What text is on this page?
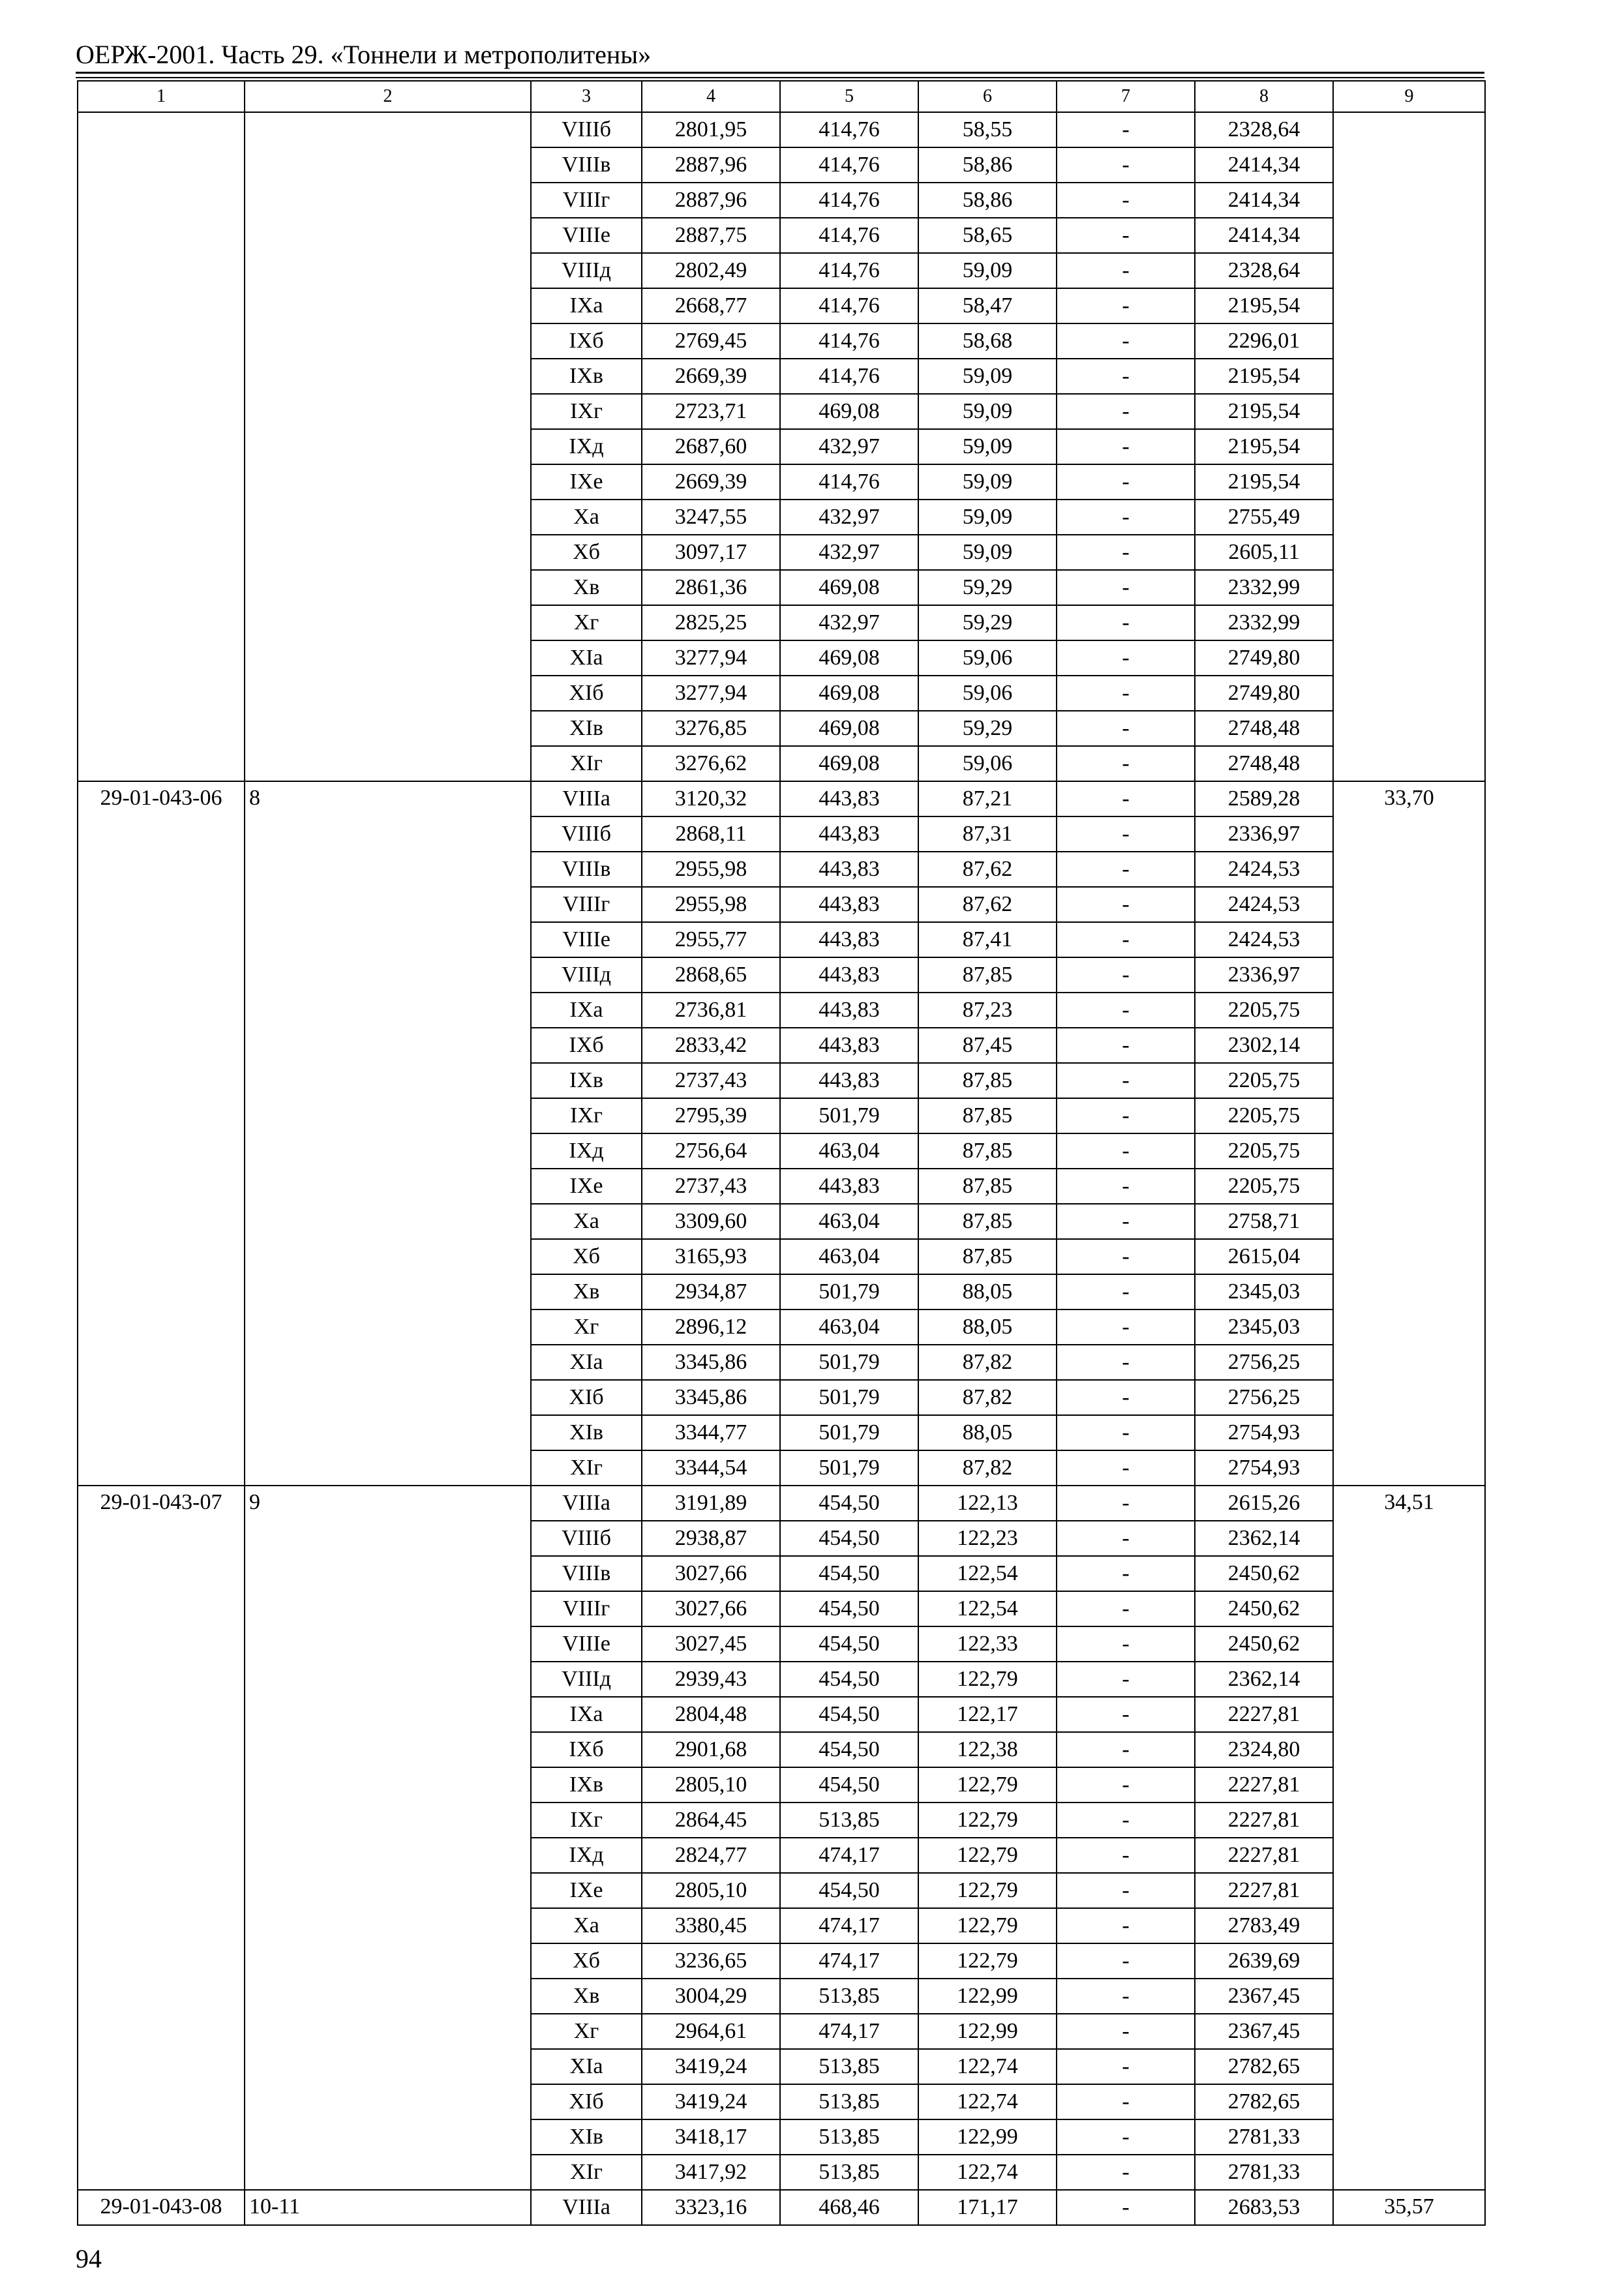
ОЕРЖ-2001. Часть 29. «Тоннели и метрополитены»
1	2	3	4	5	6	7	8	9
		VIIIб	2801,95	414,76	58,55	-	2328,64	
		VIIIв	2887,96	414,76	58,86	-	2414,34	
		VIIIг	2887,96	414,76	58,86	-	2414,34	
		VIIIе	2887,75	414,76	58,65	-	2414,34	
		VIIIд	2802,49	414,76	59,09	-	2328,64	
		IXа	2668,77	414,76	58,47	-	2195,54	
		IXб	2769,45	414,76	58,68	-	2296,01	
		IXв	2669,39	414,76	59,09	-	2195,54	
		IXг	2723,71	469,08	59,09	-	2195,54	
		IXд	2687,60	432,97	59,09	-	2195,54	
		IXе	2669,39	414,76	59,09	-	2195,54	
		Xа	3247,55	432,97	59,09	-	2755,49	
		Xб	3097,17	432,97	59,09	-	2605,11	
		Xв	2861,36	469,08	59,29	-	2332,99	
		Xг	2825,25	432,97	59,29	-	2332,99	
		XIа	3277,94	469,08	59,06	-	2749,80	
		XIб	3277,94	469,08	59,06	-	2749,80	
		XIв	3276,85	469,08	59,29	-	2748,48	
		XIг	3276,62	469,08	59,06	-	2748,48	
29-01-043-06	8	VIIIа	3120,32	443,83	87,21	-	2589,28	33,70
		VIIIб	2868,11	443,83	87,31	-	2336,97	
		VIIIв	2955,98	443,83	87,62	-	2424,53	
		VIIIг	2955,98	443,83	87,62	-	2424,53	
		VIIIе	2955,77	443,83	87,41	-	2424,53	
		VIIIд	2868,65	443,83	87,85	-	2336,97	
		IXа	2736,81	443,83	87,23	-	2205,75	
		IXб	2833,42	443,83	87,45	-	2302,14	
		IXв	2737,43	443,83	87,85	-	2205,75	
		IXг	2795,39	501,79	87,85	-	2205,75	
		IXд	2756,64	463,04	87,85	-	2205,75	
		IXе	2737,43	443,83	87,85	-	2205,75	
		Xа	3309,60	463,04	87,85	-	2758,71	
		Xб	3165,93	463,04	87,85	-	2615,04	
		Xв	2934,87	501,79	88,05	-	2345,03	
		Xг	2896,12	463,04	88,05	-	2345,03	
		XIа	3345,86	501,79	87,82	-	2756,25	
		XIб	3345,86	501,79	87,82	-	2756,25	
		XIв	3344,77	501,79	88,05	-	2754,93	
		XIг	3344,54	501,79	87,82	-	2754,93	
29-01-043-07	9	VIIIа	3191,89	454,50	122,13	-	2615,26	34,51
		VIIIб	2938,87	454,50	122,23	-	2362,14	
		VIIIв	3027,66	454,50	122,54	-	2450,62	
		VIIIг	3027,66	454,50	122,54	-	2450,62	
		VIIIе	3027,45	454,50	122,33	-	2450,62	
		VIIIд	2939,43	454,50	122,79	-	2362,14	
		IXа	2804,48	454,50	122,17	-	2227,81	
		IXб	2901,68	454,50	122,38	-	2324,80	
		IXв	2805,10	454,50	122,79	-	2227,81	
		IXг	2864,45	513,85	122,79	-	2227,81	
		IXд	2824,77	474,17	122,79	-	2227,81	
		IXе	2805,10	454,50	122,79	-	2227,81	
		Xа	3380,45	474,17	122,79	-	2783,49	
		Xб	3236,65	474,17	122,79	-	2639,69	
		Xв	3004,29	513,85	122,99	-	2367,45	
		Xг	2964,61	474,17	122,99	-	2367,45	
		XIа	3419,24	513,85	122,74	-	2782,65	
		XIб	3419,24	513,85	122,74	-	2782,65	
		XIв	3418,17	513,85	122,99	-	2781,33	
		XIг	3417,92	513,85	122,74	-	2781,33	
29-01-043-08	10-11	VIIIа	3323,16	468,46	171,17	-	2683,53	35,57
94
